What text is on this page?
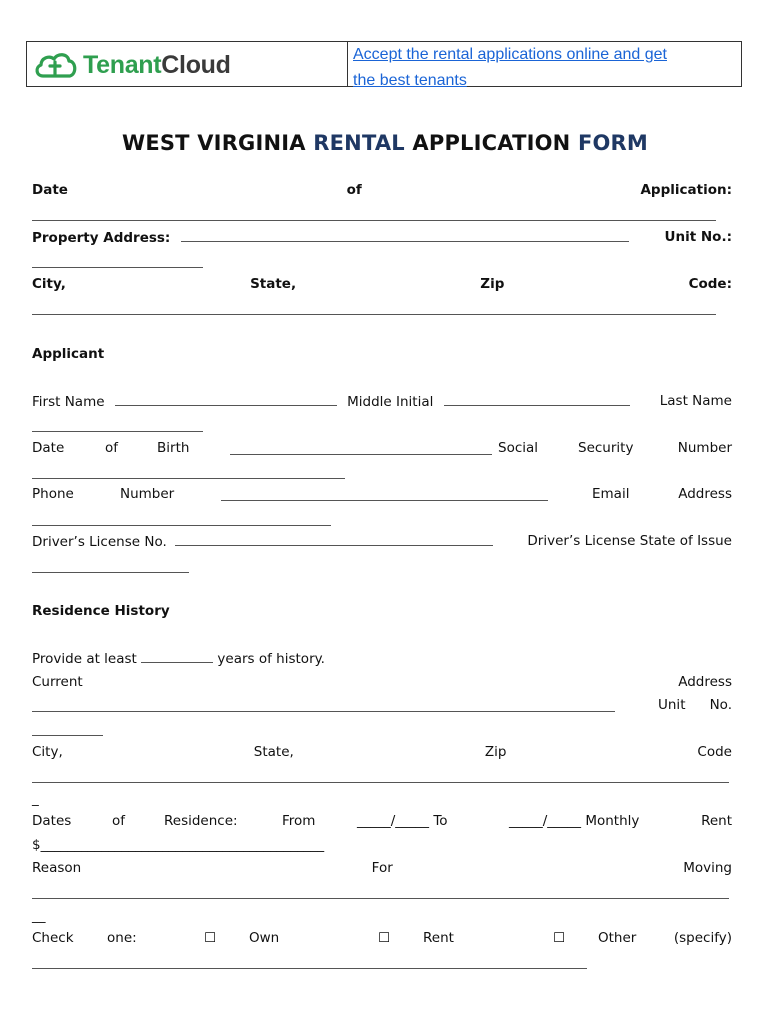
TenantCloud	Accept the rental applications online and get
the best tenants
WEST VIRGINIA RENTAL APPLICATION FORM
Date	of	Application:
Property Address:	Unit No.:
City,	State,	Zip	Code:
Applicant
First Name	Middle Initial	Last Name
Date	of	Birth	Social	Security	Number
Phone	Number	Email	Address
Driver’s License No.	Driver’s License State of Issue
Residence History
Provide at least	years of history.
Current	Address
Unit No.
City,	State,	Zip	Code
_
Dates	of	Residence:	From	_____/_____ To	_____/_____ Monthly	Rent
$__________________________________________
Reason	For	Moving
__
Check one:	☐ Own	☐ Rent	☐ Other	(specify)
